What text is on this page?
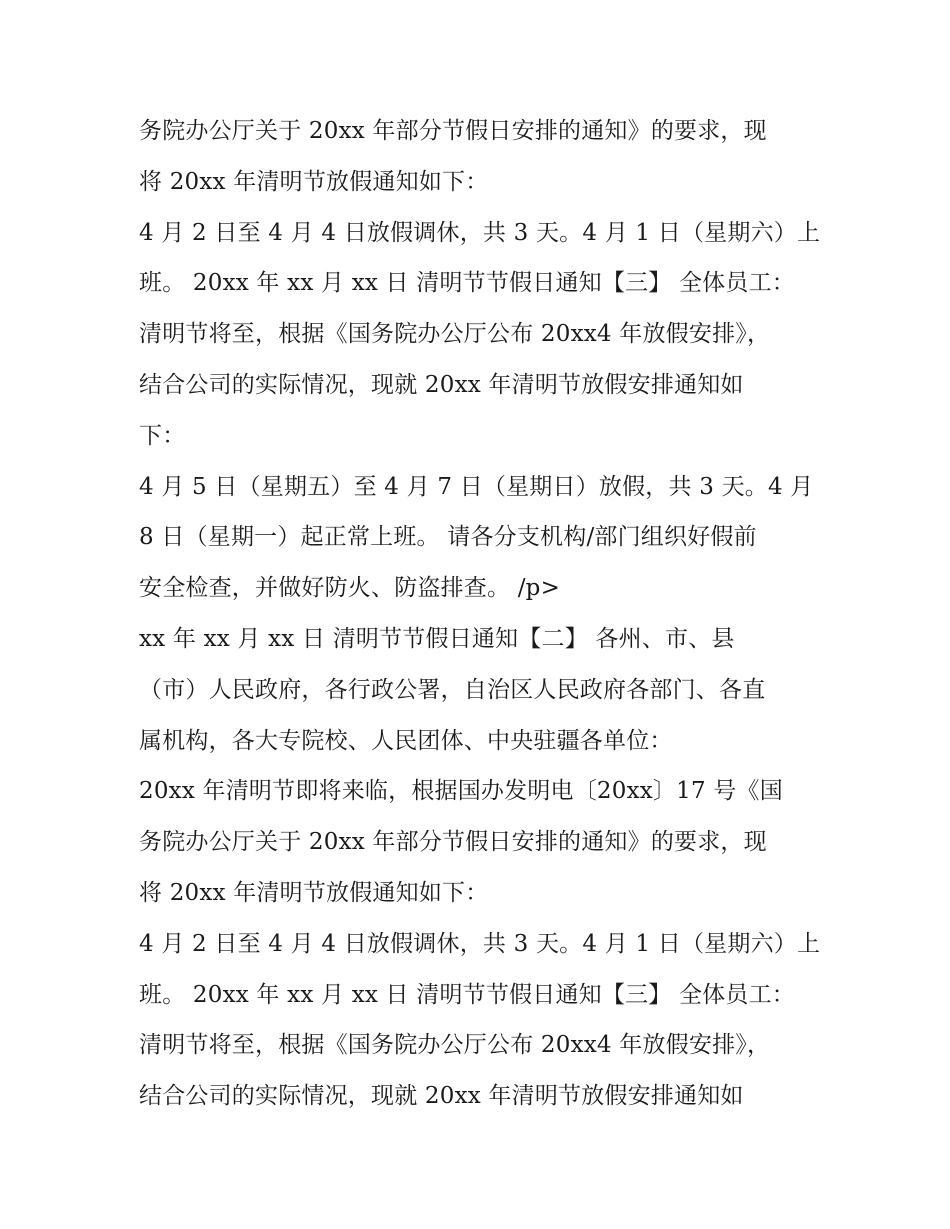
务院办公厅关于 20xx 年部分节假日安排的通知》的要求，现
将 20xx 年清明节放假通知如下：
4 月 2 日至 4 月 4 日放假调休，共 3 天。4 月 1 日（星期六）上
班。 20xx 年 xx 月 xx 日 清明节节假日通知【三】 全体员工：
清明节将至，根据《国务院办公厅公布 20xx4 年放假安排》，
结合公司的实际情况，现就 20xx 年清明节放假安排通知如
下：
4 月 5 日（星期五）至 4 月 7 日（星期日）放假，共 3 天。4 月
8 日（星期一）起正常上班。 请各分支机构/部门组织好假前
安全检查，并做好防火、防盗排查。 /p>
xx 年 xx 月 xx 日 清明节节假日通知【二】 各州、市、县
（市）人民政府，各行政公署，自治区人民政府各部门、各直
属机构，各大专院校、人民团体、中央驻疆各单位：
20xx 年清明节即将来临，根据国办发明电〔20xx〕17 号《国
务院办公厅关于 20xx 年部分节假日安排的通知》的要求，现
将 20xx 年清明节放假通知如下：
4 月 2 日至 4 月 4 日放假调休，共 3 天。4 月 1 日（星期六）上
班。 20xx 年 xx 月 xx 日 清明节节假日通知【三】 全体员工：
清明节将至，根据《国务院办公厅公布 20xx4 年放假安排》，
结合公司的实际情况，现就 20xx 年清明节放假安排通知如
